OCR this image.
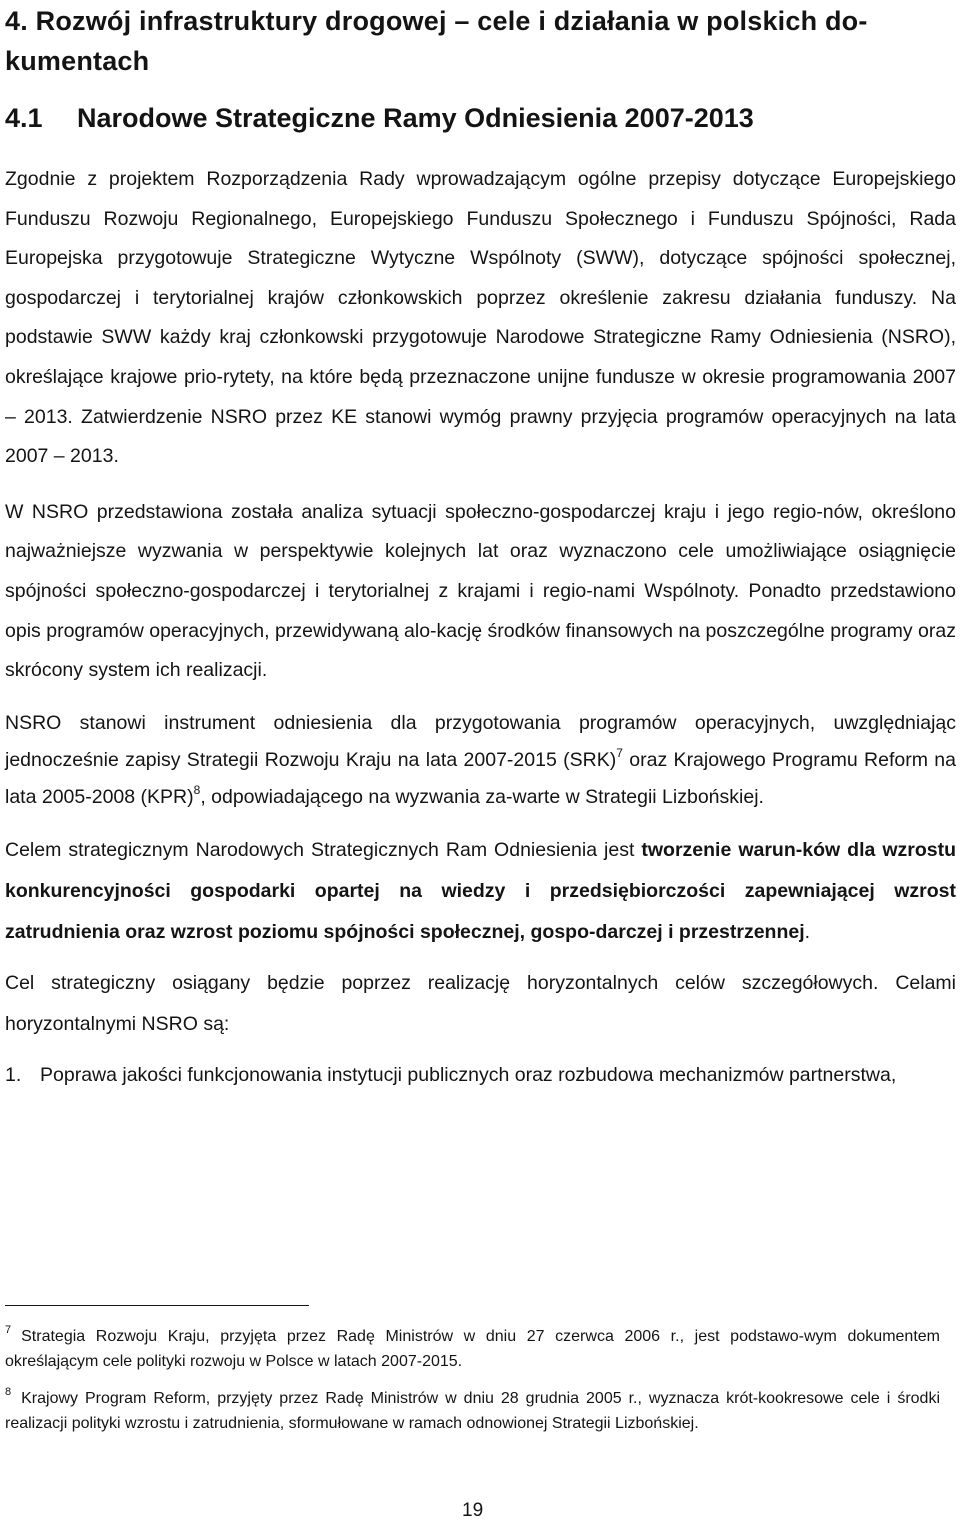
4. Rozwój infrastruktury drogowej – cele i działania w polskich do-
kumentach
4.1 Narodowe Strategiczne Ramy Odniesienia 2007-2013

Zgodnie z projektem Rozporządzenia Rady wprowadzającym ogólne przepisy dotyczące Europejskiego Funduszu Rozwoju Regionalnego, Europejskiego Funduszu Społecznego i Funduszu Spójności, Rada Europejska przygotowuje Strategiczne Wytyczne Wspólnoty (SWW), dotyczące spójności społecznej, gospodarczej i terytorialnej krajów członkowskich poprzez określenie zakresu działania funduszy. Na podstawie SWW każdy kraj członkowski przygotowuje Narodowe Strategiczne Ramy Odniesienia (NSRO), określające krajowe prio-rytety, na które będą przeznaczone unijne fundusze w okresie programowania 2007 – 2013. Zatwierdzenie NSRO przez KE stanowi wymóg prawny przyjęcia programów operacyjnych na lata 2007 – 2013.

W NSRO przedstawiona została analiza sytuacji społeczno-gospodarczej kraju i jego regio-nów, określono najważniejsze wyzwania w perspektywie kolejnych lat oraz wyznaczono cele umożliwiające osiągnięcie spójności społeczno-gospodarczej i terytorialnej z krajami i regio-nami Wspólnoty. Ponadto przedstawiono opis programów operacyjnych, przewidywaną alo-kację środków finansowych na poszczególne programy oraz skrócony system ich realizacji.

NSRO stanowi instrument odniesienia dla przygotowania programów operacyjnych, uwzględniając jednocześnie zapisy Strategii Rozwoju Kraju na lata 2007-2015 (SRK)$^7$ oraz Krajowego Programu Reform na lata 2005-2008 (KPR)$^8$, odpowiadającego na wyzwania za-warte w Strategii Lizbońskiej.

Celem strategicznym Narodowych Strategicznych Ram Odniesienia jest tworzenie warun-ków dla wzrostu konkurencyjności gospodarki opartej na wiedzy i przedsiębiorczości zapewniającej wzrost zatrudnienia oraz wzrost poziomu spójności społecznej, gospo-darczej i przestrzennej.

Cel strategiczny osiągany będzie poprzez realizację horyzontalnych celów szczegółowych. Celami horyzontalnymi NSRO są:

1. Poprawa jakości funkcjonowania instytucji publicznych oraz rozbudowa mechanizmów partnerstwa,

$^7$ Strategia Rozwoju Kraju, przyjęta przez Radę Ministrów w dniu 27 czerwca 2006 r., jest podstawo-wym dokumentem określającym cele polityki rozwoju w Polsce w latach 2007-2015.

$^8$ Krajowy Program Reform, przyjęty przez Radę Ministrów w dniu 28 grudnia 2005 r., wyznacza krót-kookresowe cele i środki realizacji polityki wzrostu i zatrudnienia, sformułowane w ramach odnowionej Strategii Lizbońskiej.

19
